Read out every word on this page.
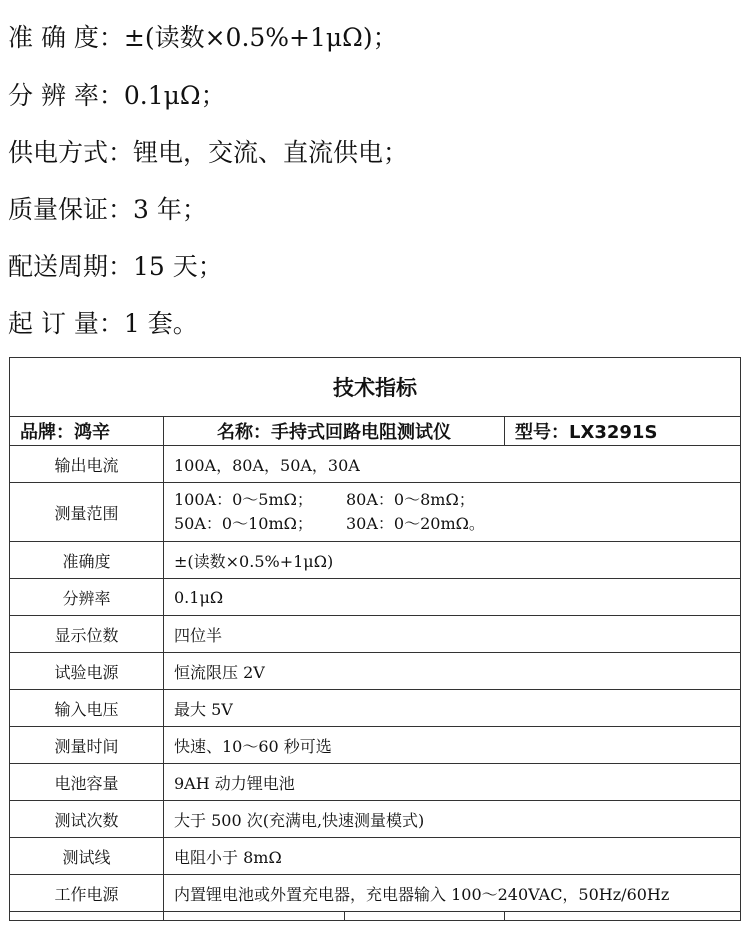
准 确 度：±(读数×0.5%+1μΩ)；
分 辨 率：0.1μΩ；
供电方式：锂电，交流、直流供电；
质量保证：3 年；
配送周期：15 天；
起 订 量：1 套。
技术指标			
品牌：鸿辛	名称：手持式回路电阻测试仪		型号：LX3291S
输出电流	100A，80A，50A，30A		
测量范围	100A：0～5mΩ； 80A：0～8mΩ；
50A：0～10mΩ； 30A：0～20mΩ。		

准确度	±(读数×0.5%+1μΩ)		
分辨率	0.1μΩ		
显示位数	四位半		
试验电源	恒流限压 2V		
输入电压	最大 5V		
测量时间	快速、10～60 秒可选		
电池容量	9AH 动力锂电池		
测试次数	大于 500 次(充满电,快速测量模式)		
测试线	电阻小于 8mΩ		
工作电源	内置锂电池或外置充电器，充电器输入 100～240VAC，50Hz/60Hz		
